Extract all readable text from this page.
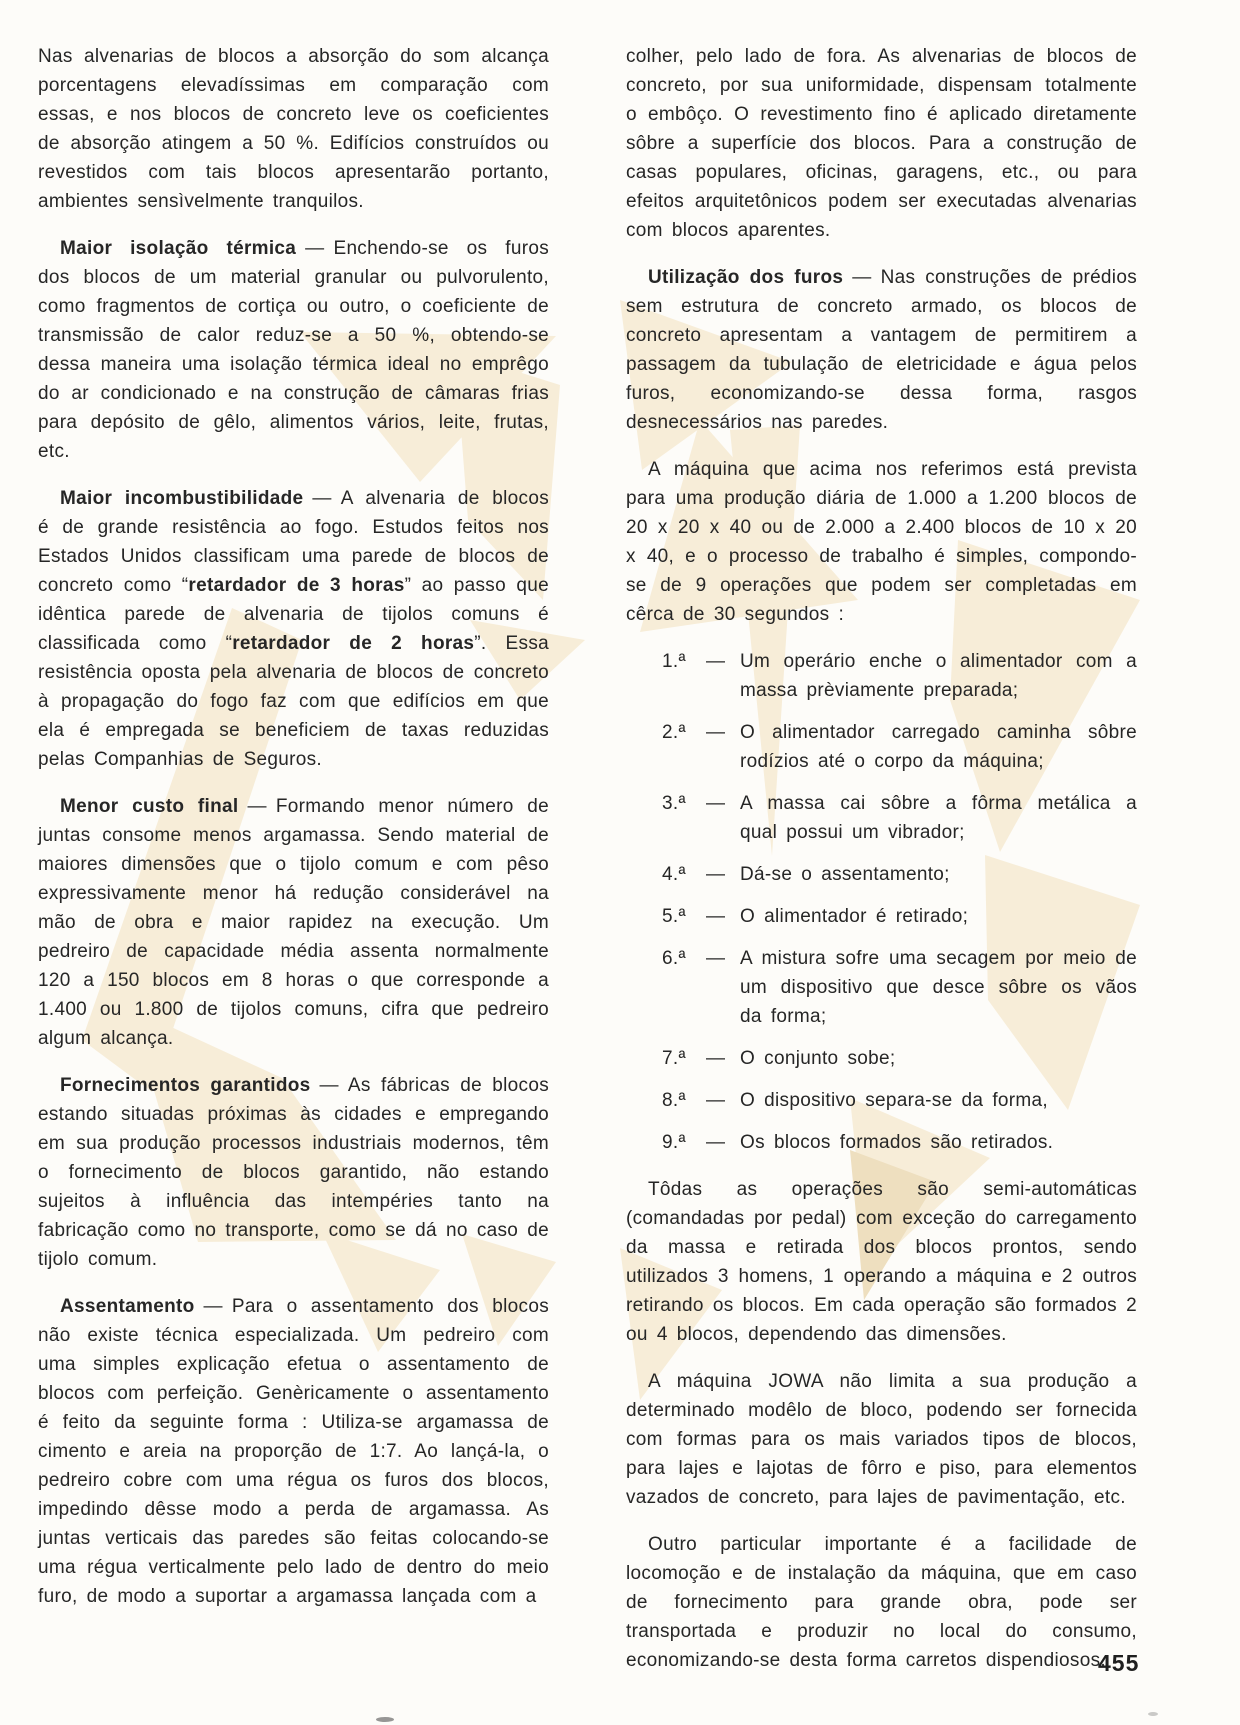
Nas alvenarias de blocos a absorção do som alcança porcentagens elevadíssimas em comparação com essas, e nos blocos de concreto leve os coeficientes de absorção atingem a 50 %. Edifícios construídos ou revestidos com tais blocos apresentarão portanto, ambientes sensìvelmente tranquilos.

Maior isolação térmica — Enchendo-se os furos dos blocos de um material granular ou pulvorulento, como fragmentos de cortiça ou outro, o coeficiente de transmissão de calor reduz-se a 50 %, obtendo-se dessa maneira uma isolação térmica ideal no emprêgo do ar condicionado e na construção de câmaras frias para depósito de gêlo, alimentos vários, leite, frutas, etc.

Maior incombustibilidade — A alvenaria de blocos é de grande resistência ao fogo. Estudos feitos nos Estados Unidos classificam uma parede de blocos de concreto como “retardador de 3 horas” ao passo que idêntica parede de alvenaria de tijolos comuns é classificada como “retardador de 2 horas”. Essa resistência oposta pela alvenaria de blocos de concreto à propagação do fogo faz com que edifícios em que ela é empregada se beneficiem de taxas reduzidas pelas Companhias de Seguros.

Menor custo final — Formando menor número de juntas consome menos argamassa. Sendo material de maiores dimensões que o tijolo comum e com pêso expressivamente menor há redução considerável na mão de obra e maior rapidez na execução. Um pedreiro de capacidade média assenta normalmente 120 a 150 blocos em 8 horas o que corresponde a 1.400 ou 1.800 de tijolos comuns, cifra que pedreiro algum alcança.

Fornecimentos garantidos — As fábricas de blocos estando situadas próximas às cidades e empregando em sua produção processos industriais modernos, têm o fornecimento de blocos garantido, não estando sujeitos à influência das intempéries tanto na fabricação como no transporte, como se dá no caso de tijolo comum.

Assentamento — Para o assentamento dos blocos não existe técnica especializada. Um pedreiro com uma simples explicação efetua o assentamento de blocos com perfeição. Genèricamente o assentamento é feito da seguinte forma : Utiliza-se argamassa de cimento e areia na proporção de 1:7. Ao lançá-la, o pedreiro cobre com uma régua os furos dos blocos, impedindo dêsse modo a perda de argamassa. As juntas verticais das paredes são feitas colocando-se uma régua verticalmente pelo lado de dentro do meio furo, de modo a suportar a argamassa lançada com a

colher, pelo lado de fora. As alvenarias de blocos de concreto, por sua uniformidade, dispensam totalmente o embôço. O revestimento fino é aplicado diretamente sôbre a superfície dos blocos. Para a construção de casas populares, oficinas, garagens, etc., ou para efeitos arquitetônicos podem ser executadas alvenarias com blocos aparentes.

Utilização dos furos — Nas construções de prédios sem estrutura de concreto armado, os blocos de concreto apresentam a vantagem de permitirem a passagem da tubulação de eletricidade e água pelos furos, economizando-se dessa forma, rasgos desnecessários nas paredes.

A máquina que acima nos referimos está prevista para uma produção diária de 1.000 a 1.200 blocos de 20 x 20 x 40 ou de 2.000 a 2.400 blocos de 10 x 20 x 40, e o processo de trabalho é simples, compondo-se de 9 operações que podem ser completadas em cêrca de 30 segundos :

1.ª	— Um operário enche o alimentador com a massa prèviamente preparada;
2.ª	— O alimentador carregado caminha sôbre rodízios até o corpo da máquina;
3.ª	— A massa cai sôbre a fôrma metálica a qual possui um vibrador;
4.ª	— Dá-se o assentamento;
5.ª	— O alimentador é retirado;
6.ª	— A mistura sofre uma secagem por meio de um dispositivo que desce sôbre os vãos da forma;
7.ª	— O conjunto sobe;
8.ª	— O dispositivo separa-se da forma,
9.ª	— Os blocos formados são retirados.

Tôdas as operações são semi-automáticas (comandadas por pedal) com exceção do carregamento da massa e retirada dos blocos prontos, sendo utilizados 3 homens, 1 operando a máquina e 2 outros retirando os blocos. Em cada operação são formados 2 ou 4 blocos, dependendo das dimensões.

A máquina JOWA não limita a sua produção a determinado modêlo de bloco, podendo ser fornecida com formas para os mais variados tipos de blocos, para lajes e lajotas de fôrro e piso, para elementos vazados de concreto, para lajes de pavimentação, etc.

Outro particular importante é a facilidade de locomoção e de instalação da máquina, que em caso de fornecimento para grande obra, pode ser transportada e produzir no local do consumo, economizando-se desta forma carretos dispendiosos.

455
